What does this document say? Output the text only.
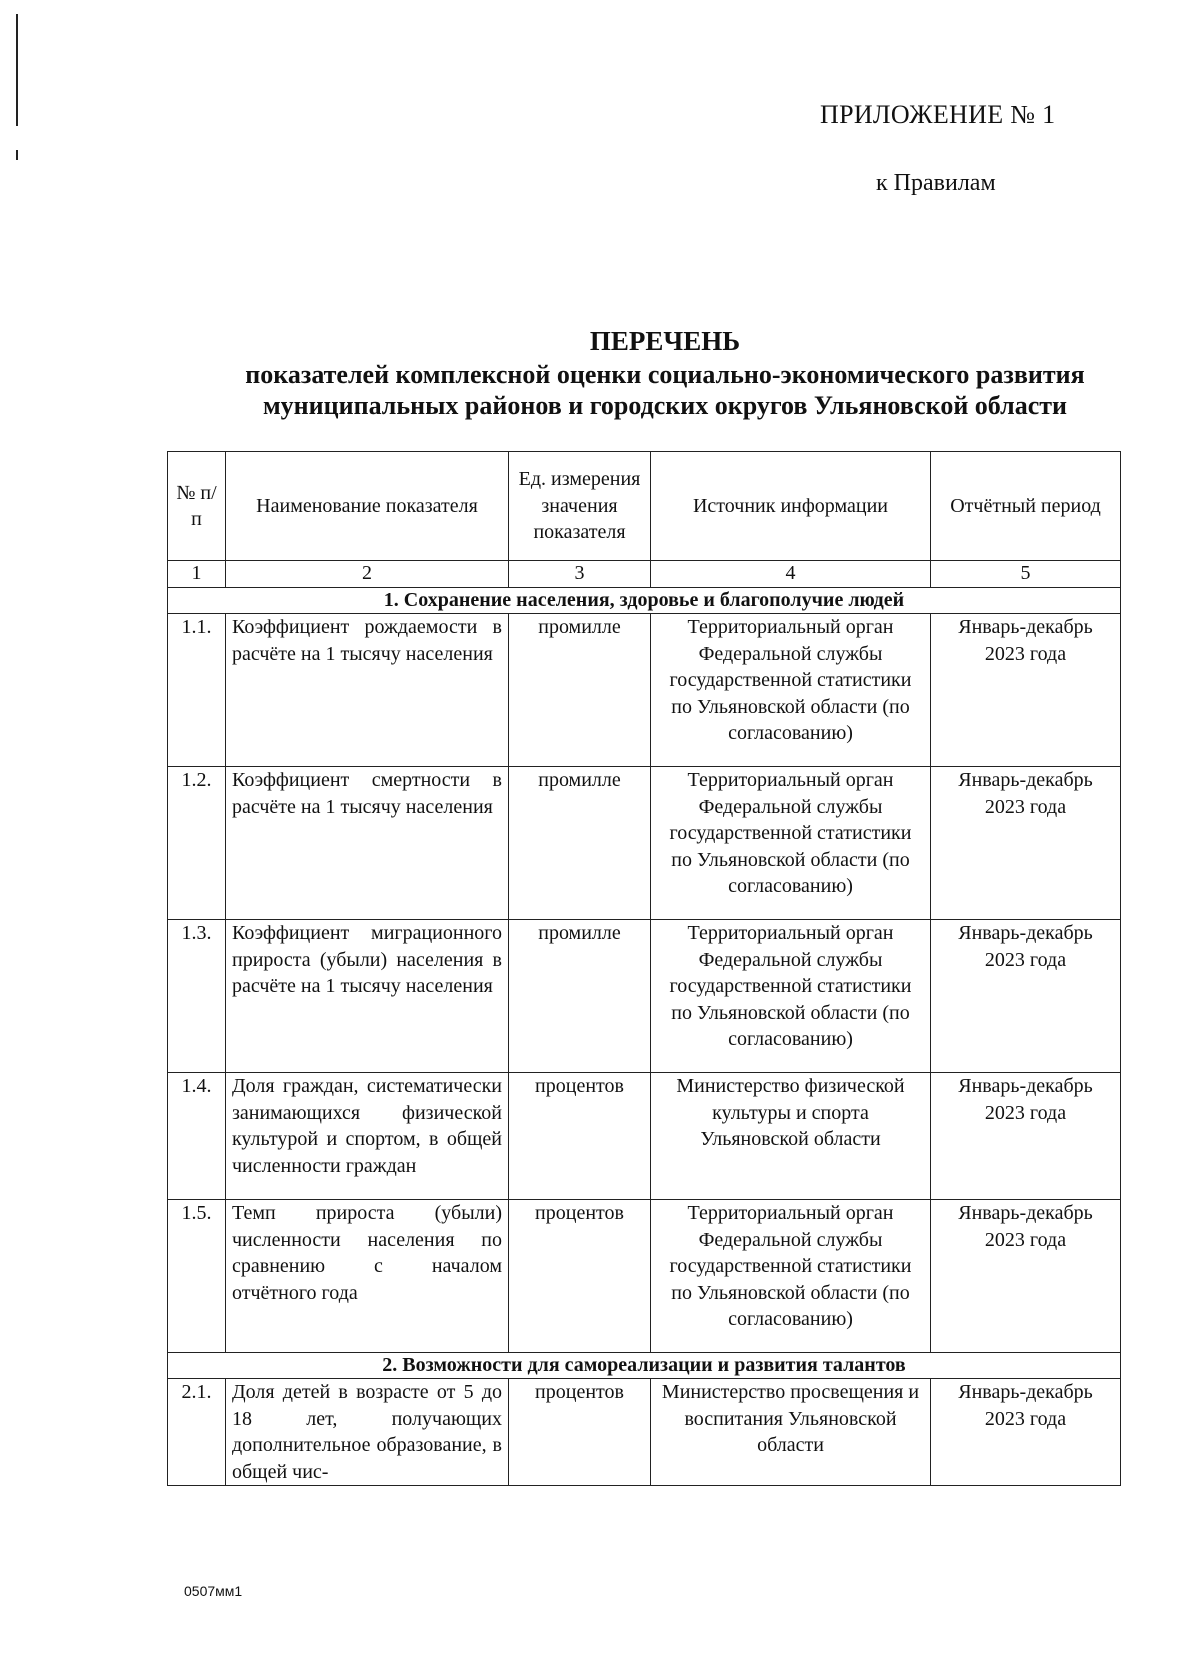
ПРИЛОЖЕНИЕ № 1
к Правилам
ПЕРЕЧЕНЬ
показателей комплексной оценки социально-экономического развития
муниципальных районов и городских округов Ульяновской области
№ п/п	Наименование показателя	Ед. измерения значения показателя	Источник информации	Отчётный период
1	2	3	4	5
1. Сохранение населения, здоровье и благополучие людей				
1.1.	Коэффициент рождаемости в расчёте на 1 тысячу населения	промилле	Территориальный орган Федеральной службы государственной статистики по Ульяновской области (по согласованию)	Январь-декабрь 2023 года
1.2.	Коэффициент смертности в расчёте на 1 тысячу населения	промилле	Территориальный орган Федеральной службы государственной статистики по Ульяновской области (по согласованию)	Январь-декабрь 2023 года
1.3.	Коэффициент миграционного прироста (убыли) населения в расчёте на 1 тысячу населения	промилле	Территориальный орган Федеральной службы государственной статистики по Ульяновской области (по согласованию)	Январь-декабрь 2023 года
1.4.	Доля граждан, систематически занимающихся физической культурой и спортом, в общей численности граждан	процентов	Министерство физической культуры и спорта Ульяновской области	Январь-декабрь 2023 года
1.5.	Темп прироста (убыли) численности населения по сравнению с началом отчётного года	процентов	Территориальный орган Федеральной службы государственной статистики по Ульяновской области (по согласованию)	Январь-декабрь 2023 года
2. Возможности для самореализации и развития талантов				
2.1.	Доля детей в возрасте от 5 до 18 лет, получающих дополнительное образование, в общей чис-	процентов	Министерство просвещения и воспитания Ульяновской области	Январь-декабрь 2023 года
0507мм1
